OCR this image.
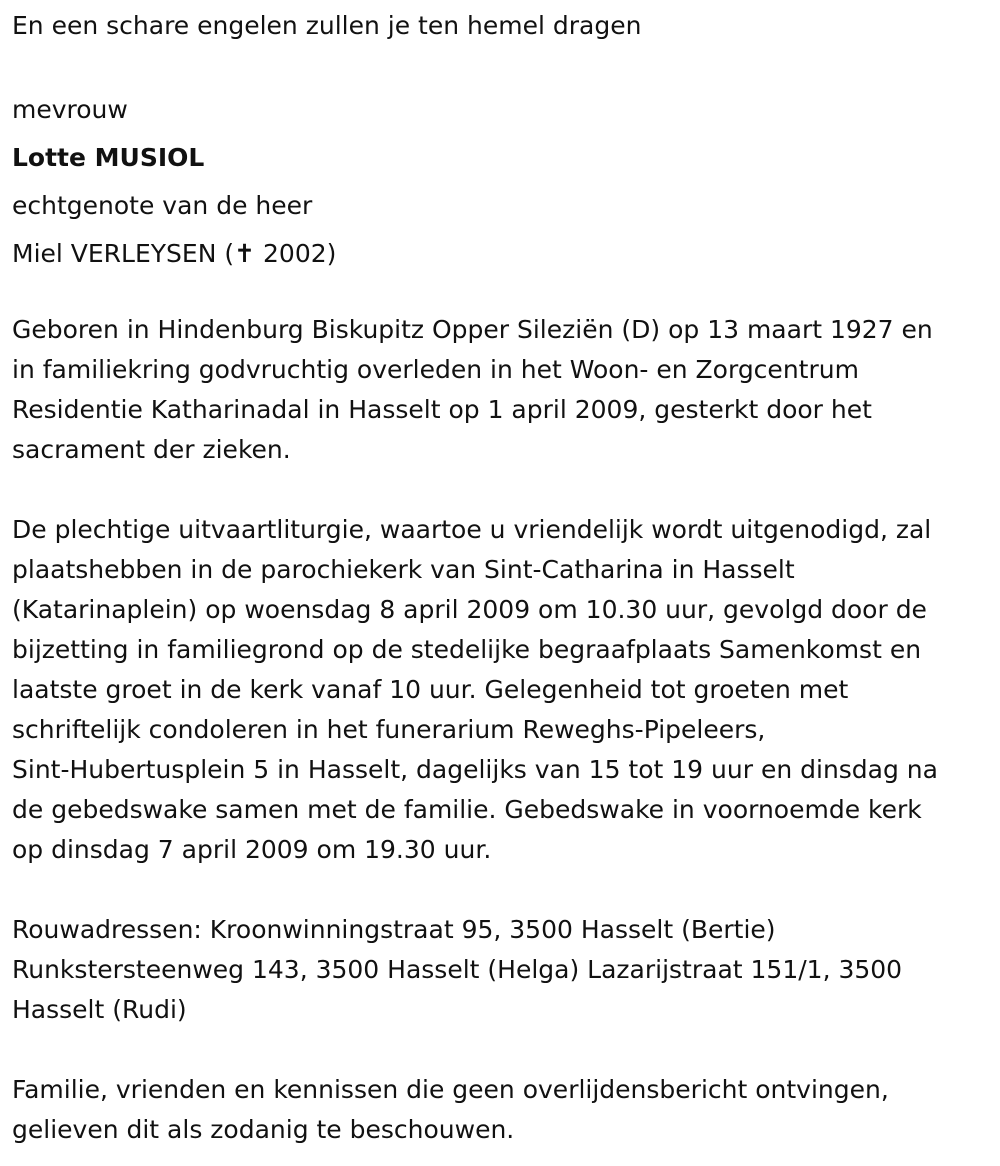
En een schare engelen zullen je ten hemel dragen

mevrouw

Lotte MUSIOL

echtgenote van de heer

Miel VERLEYSEN (✝ 2002)

Geboren in Hindenburg Biskupitz Opper Sileziën (D) op 13 maart 1927 en

in familiekring godvruchtig overleden in het Woon- en Zorgcentrum

Residentie Katharinadal in Hasselt op 1 april 2009, gesterkt door het

sacrament der zieken.

De plechtige uitvaartliturgie, waartoe u vriendelijk wordt uitgenodigd, zal

plaatshebben in de parochiekerk van Sint-Catharina in Hasselt

(Katarinaplein) op woensdag 8 april 2009 om 10.30 uur, gevolgd door de

bijzetting in familiegrond op de stedelijke begraafplaats Samenkomst en

laatste groet in de kerk vanaf 10 uur. Gelegenheid tot groeten met

schriftelijk condoleren in het funerarium Reweghs-Pipeleers,

Sint-Hubertusplein 5 in Hasselt, dagelijks van 15 tot 19 uur en dinsdag na

de gebedswake samen met de familie. Gebedswake in voornoemde kerk

op dinsdag 7 april 2009 om 19.30 uur.

Rouwadressen: Kroonwinningstraat 95, 3500 Hasselt (Bertie)

Runkstersteenweg 143, 3500 Hasselt (Helga) Lazarijstraat 151/1, 3500

Hasselt (Rudi)

Familie, vrienden en kennissen die geen overlijdensbericht ontvingen,

gelieven dit als zodanig te beschouwen.
